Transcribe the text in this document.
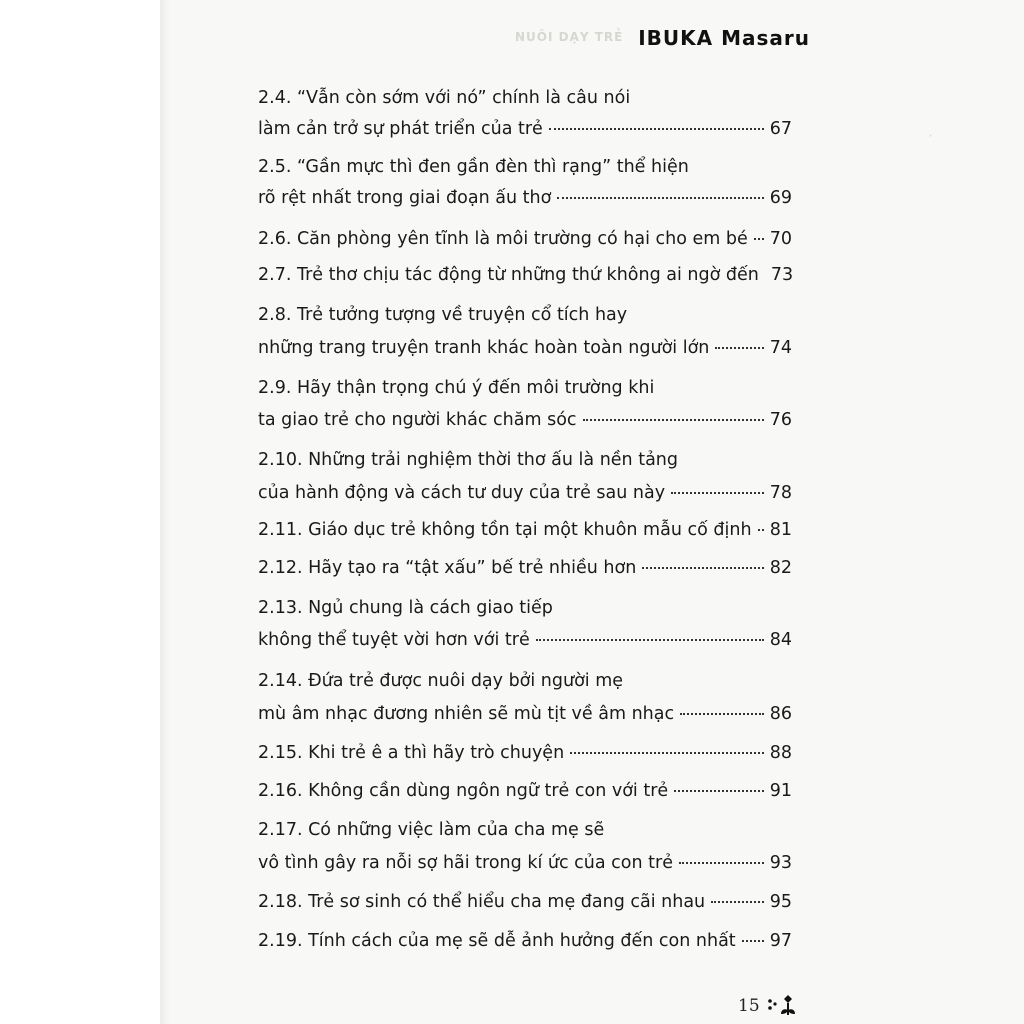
NUÔI DẠY TRẺ IBUKA Masaru
·
2.4. “Vẫn còn sớm với nó” chính là câu nói
làm cản trở sự phát triển của trẻ	67
2.5. “Gần mực thì đen gần đèn thì rạng” thể hiện
rõ rệt nhất trong giai đoạn ấu thơ	69
2.6. Căn phòng yên tĩnh là môi trường có hại cho em bé 70
2.7. Trẻ thơ chịu tác động từ những thứ không ai ngờ đến 73
2.8. Trẻ tưởng tượng về truyện cổ tích hay
những trang truyện tranh khác hoàn toàn người lớn	74
2.9. Hãy thận trọng chú ý đến môi trường khi
ta giao trẻ cho người khác chăm sóc	76
2.10. Những trải nghiệm thời thơ ấu là nền tảng
của hành động và cách tư duy của trẻ sau này	78
2.11. Giáo dục trẻ không tồn tại một khuôn mẫu cố định 81
2.12. Hãy tạo ra “tật xấu” bế trẻ nhiều hơn	82
2.13. Ngủ chung là cách giao tiếp
không thể tuyệt vời hơn với trẻ	84
2.14. Đứa trẻ được nuôi dạy bởi người mẹ
mù âm nhạc đương nhiên sẽ mù tịt về âm nhạc	86
2.15. Khi trẻ ê a thì hãy trò chuyện	88
2.16. Không cần dùng ngôn ngữ trẻ con với trẻ	91
2.17. Có những việc làm của cha mẹ sẽ
vô tình gây ra nỗi sợ hãi trong kí ức của con trẻ	93
2.18. Trẻ sơ sinh có thể hiểu cha mẹ đang cãi nhau	95
2.19. Tính cách của mẹ sẽ dễ ảnh hưởng đến con nhất 97
15
